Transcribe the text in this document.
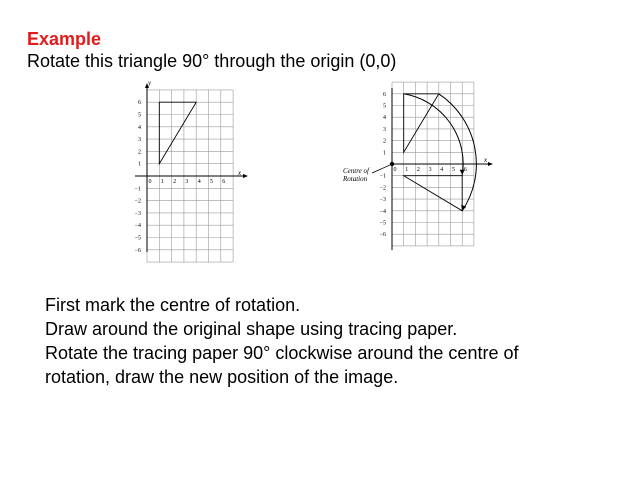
Example
Rotate this triangle 90° through the origin (0,0)
x
y
0 1 2 3 4 5 6
6
5
4
3
2
1
−1
−2
−3
−4
−5
−6
x
0 1 2 3 4 5 6
6
5
4
3
2
1
−1
−2
−3
−4
−5
−6
Centre of
Rotation
First mark the centre of rotation.
Draw around the original shape using tracing paper.
Rotate the tracing paper 90° clockwise around the centre of
rotation, draw the new position of the image.
